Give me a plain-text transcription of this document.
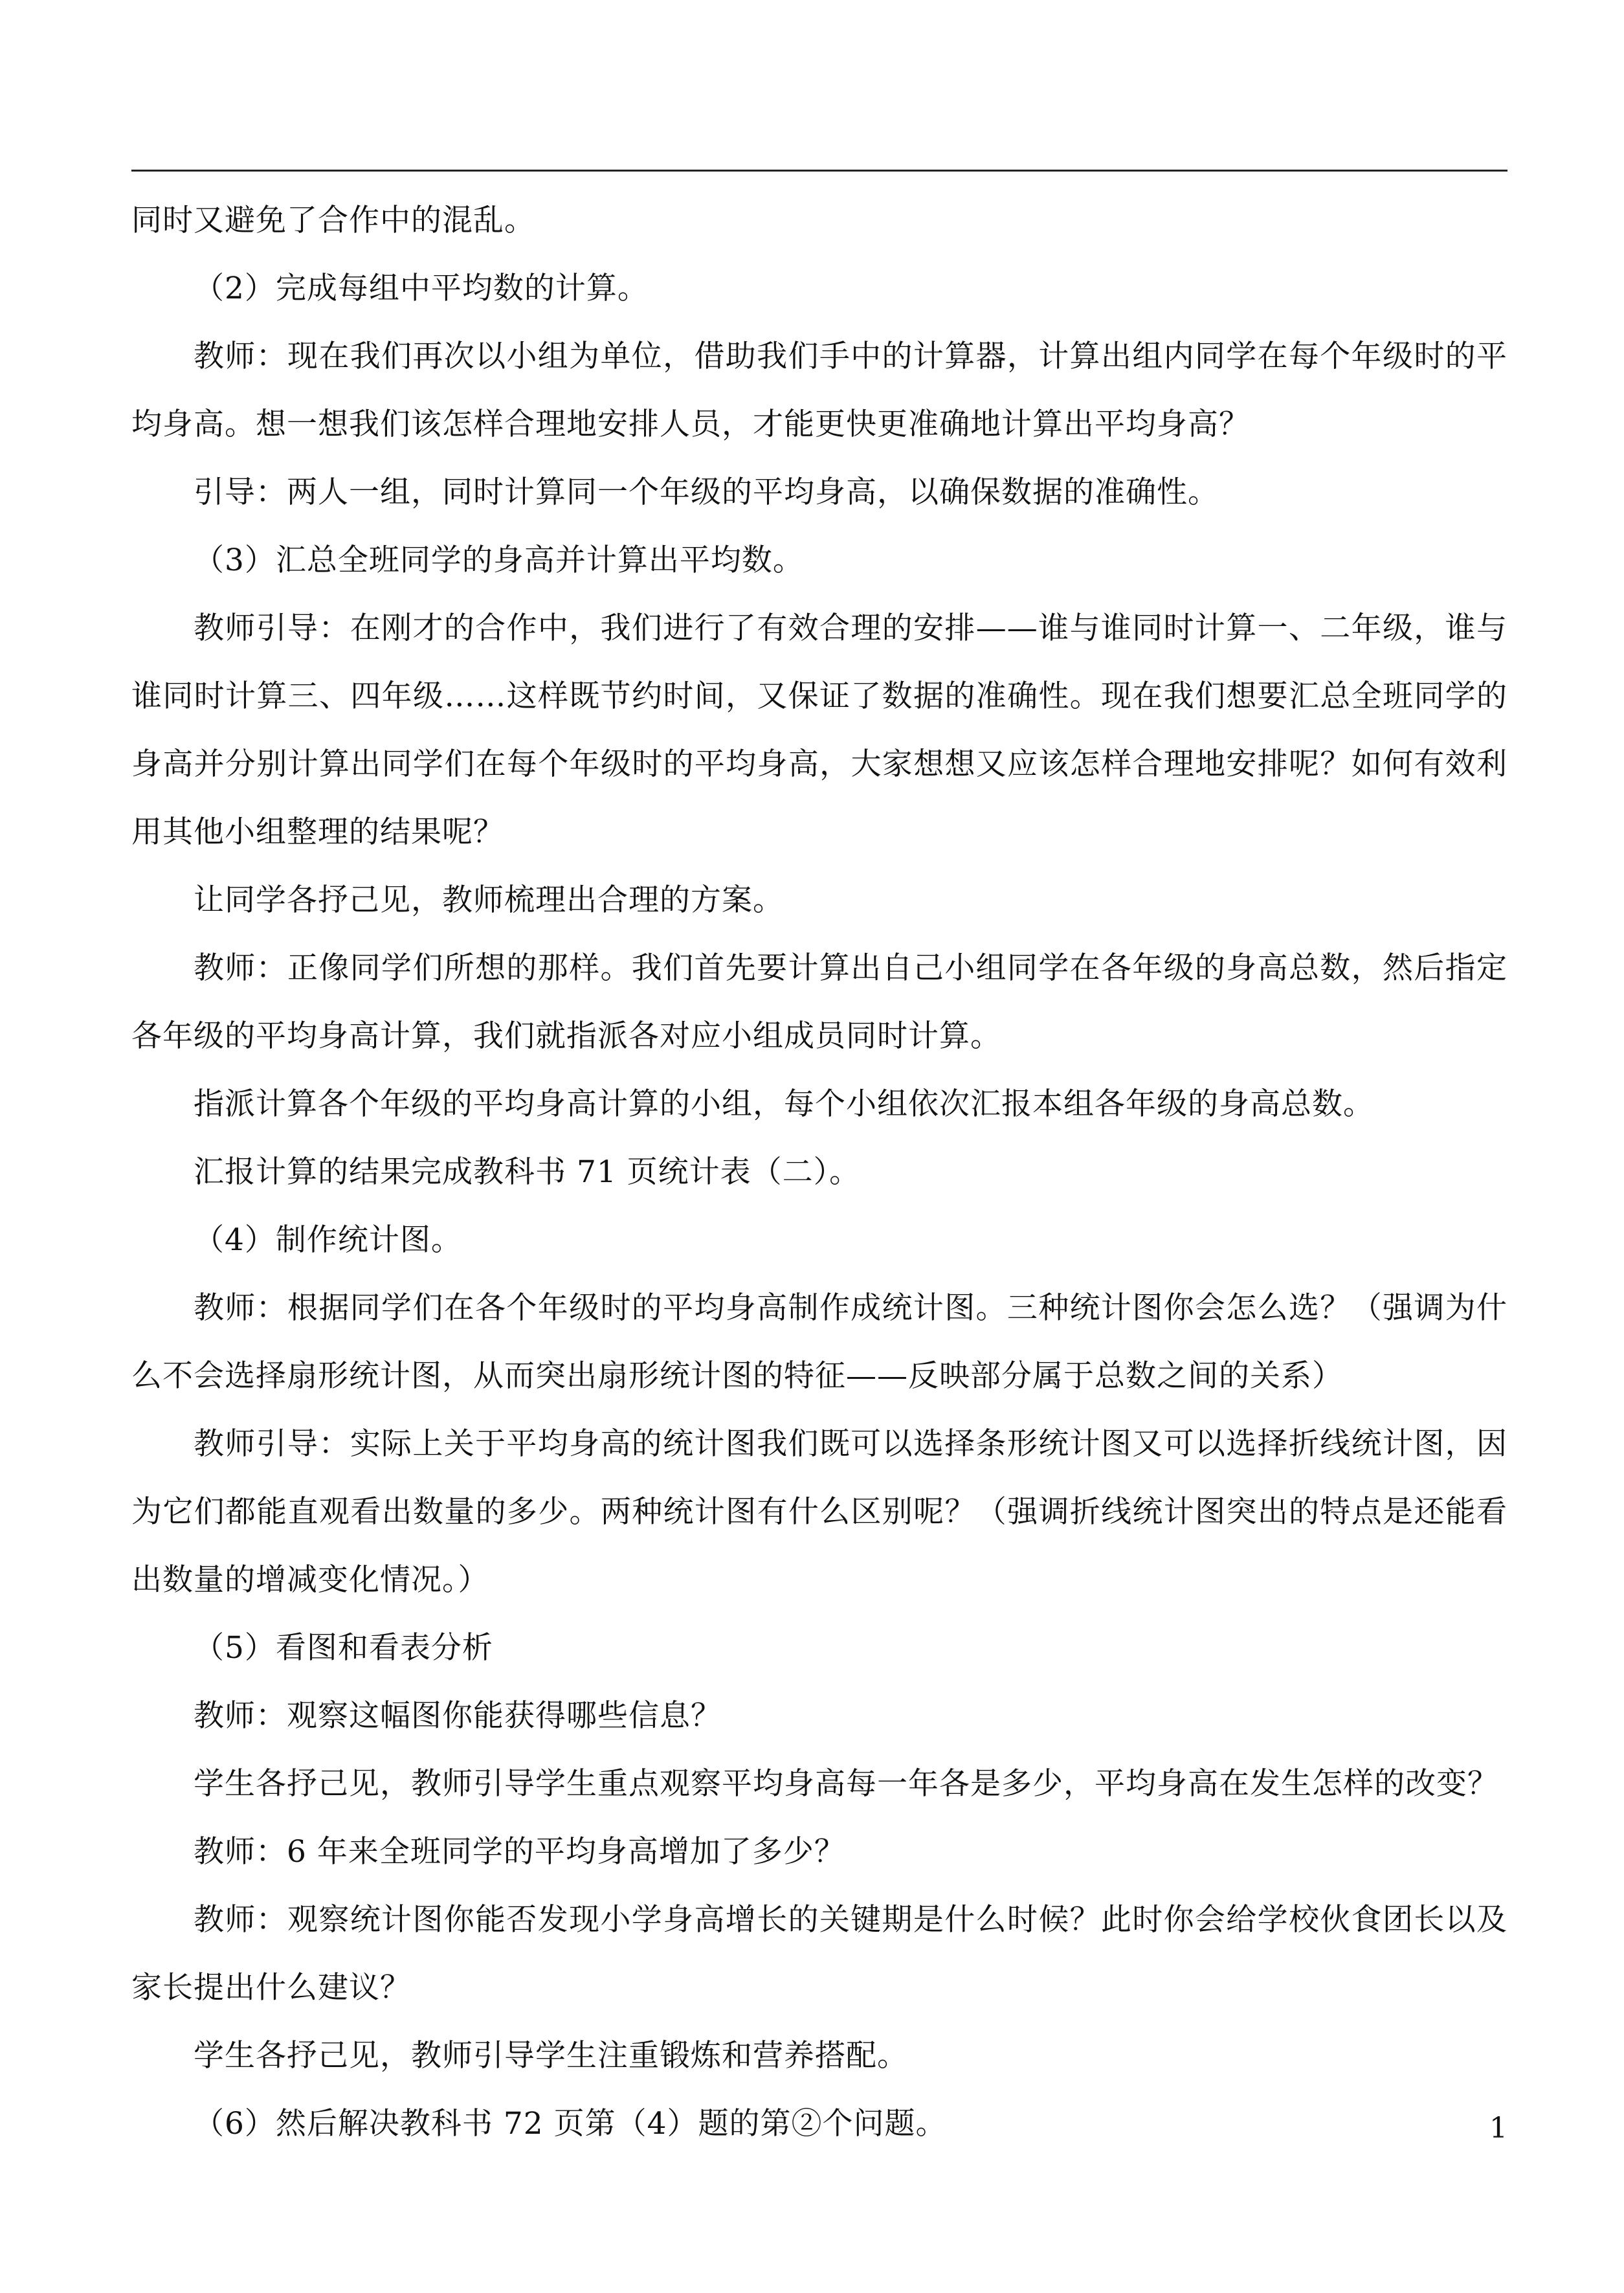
同时又避免了合作中的混乱。

（2）完成每组中平均数的计算。

教师：现在我们再次以小组为单位，借助我们手中的计算器，计算出组内同学在每个年级时的平均身高。想一想我们该怎样合理地安排人员，才能更快更准确地计算出平均身高？

引导：两人一组，同时计算同一个年级的平均身高，以确保数据的准确性。

（3）汇总全班同学的身高并计算出平均数。

教师引导：在刚才的合作中，我们进行了有效合理的安排——谁与谁同时计算一、二年级，谁与谁同时计算三、四年级……这样既节约时间，又保证了数据的准确性。现在我们想要汇总全班同学的身高并分别计算出同学们在每个年级时的平均身高，大家想想又应该怎样合理地安排呢？如何有效利用其他小组整理的结果呢？

让同学各抒己见，教师梳理出合理的方案。

教师：正像同学们所想的那样。我们首先要计算出自己小组同学在各年级的身高总数，然后指定各年级的平均身高计算，我们就指派各对应小组成员同时计算。

指派计算各个年级的平均身高计算的小组，每个小组依次汇报本组各年级的身高总数。

汇报计算的结果完成教科书 71 页统计表（二）。

（4）制作统计图。

教师：根据同学们在各个年级时的平均身高制作成统计图。三种统计图你会怎么选？（强调为什么不会选择扇形统计图，从而突出扇形统计图的特征——反映部分属于总数之间的关系）

教师引导：实际上关于平均身高的统计图我们既可以选择条形统计图又可以选择折线统计图，因为它们都能直观看出数量的多少。两种统计图有什么区别呢？（强调折线统计图突出的特点是还能看出数量的增减变化情况。）

（5）看图和看表分析

教师：观察这幅图你能获得哪些信息？

学生各抒己见，教师引导学生重点观察平均身高每一年各是多少，平均身高在发生怎样的改变？

教师：6 年来全班同学的平均身高增加了多少？

教师：观察统计图你能否发现小学身高增长的关键期是什么时候？此时你会给学校伙食团长以及家长提出什么建议？

学生各抒己见，教师引导学生注重锻炼和营养搭配。

（6）然后解决教科书 72 页第（4）题的第②个问题。	1
